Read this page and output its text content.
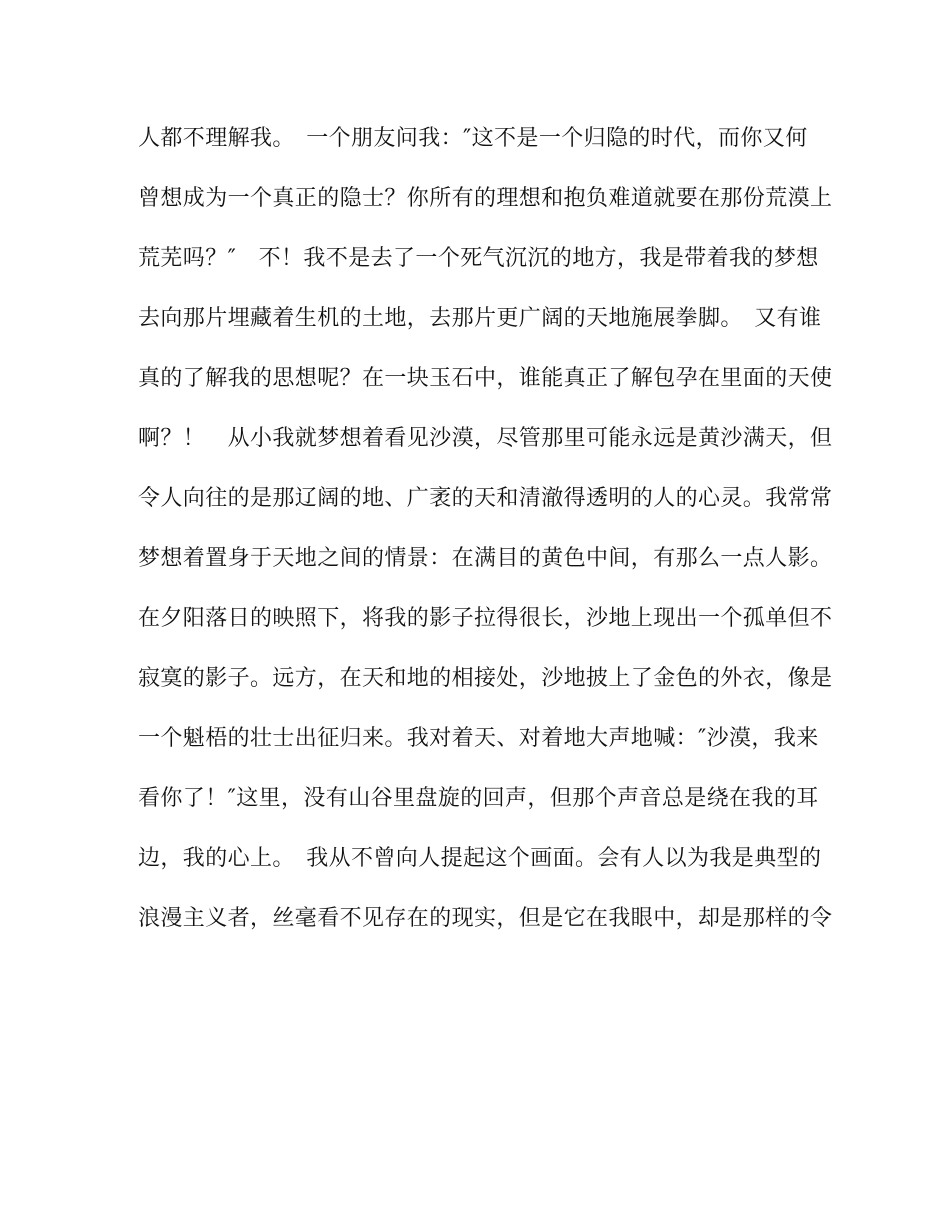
人都不理解我。　一个朋友问我：″这不是一个归隐的时代，而你又何
曾想成为一个真正的隐士？你所有的理想和抱负难道就要在那份荒漠上
荒芜吗？″　不！我不是去了一个死气沉沉的地方，我是带着我的梦想
去向那片埋藏着生机的土地，去那片更广阔的天地施展拳脚。　又有谁
真的了解我的思想呢？在一块玉石中，谁能真正了解包孕在里面的天使
啊？！　从小我就梦想着看见沙漠，尽管那里可能永远是黄沙满天，但
令人向往的是那辽阔的地、广袤的天和清澈得透明的人的心灵。我常常
梦想着置身于天地之间的情景：在满目的黄色中间，有那么一点人影。
在夕阳落日的映照下，将我的影子拉得很长，沙地上现出一个孤单但不
寂寞的影子。远方，在天和地的相接处，沙地披上了金色的外衣，像是
一个魁梧的壮士出征归来。我对着天、对着地大声地喊：″沙漠，我来
看你了！″这里，没有山谷里盘旋的回声，但那个声音总是绕在我的耳
边，我的心上。　我从不曾向人提起这个画面。会有人以为我是典型的
浪漫主义者，丝毫看不见存在的现实，但是它在我眼中，却是那样的令
